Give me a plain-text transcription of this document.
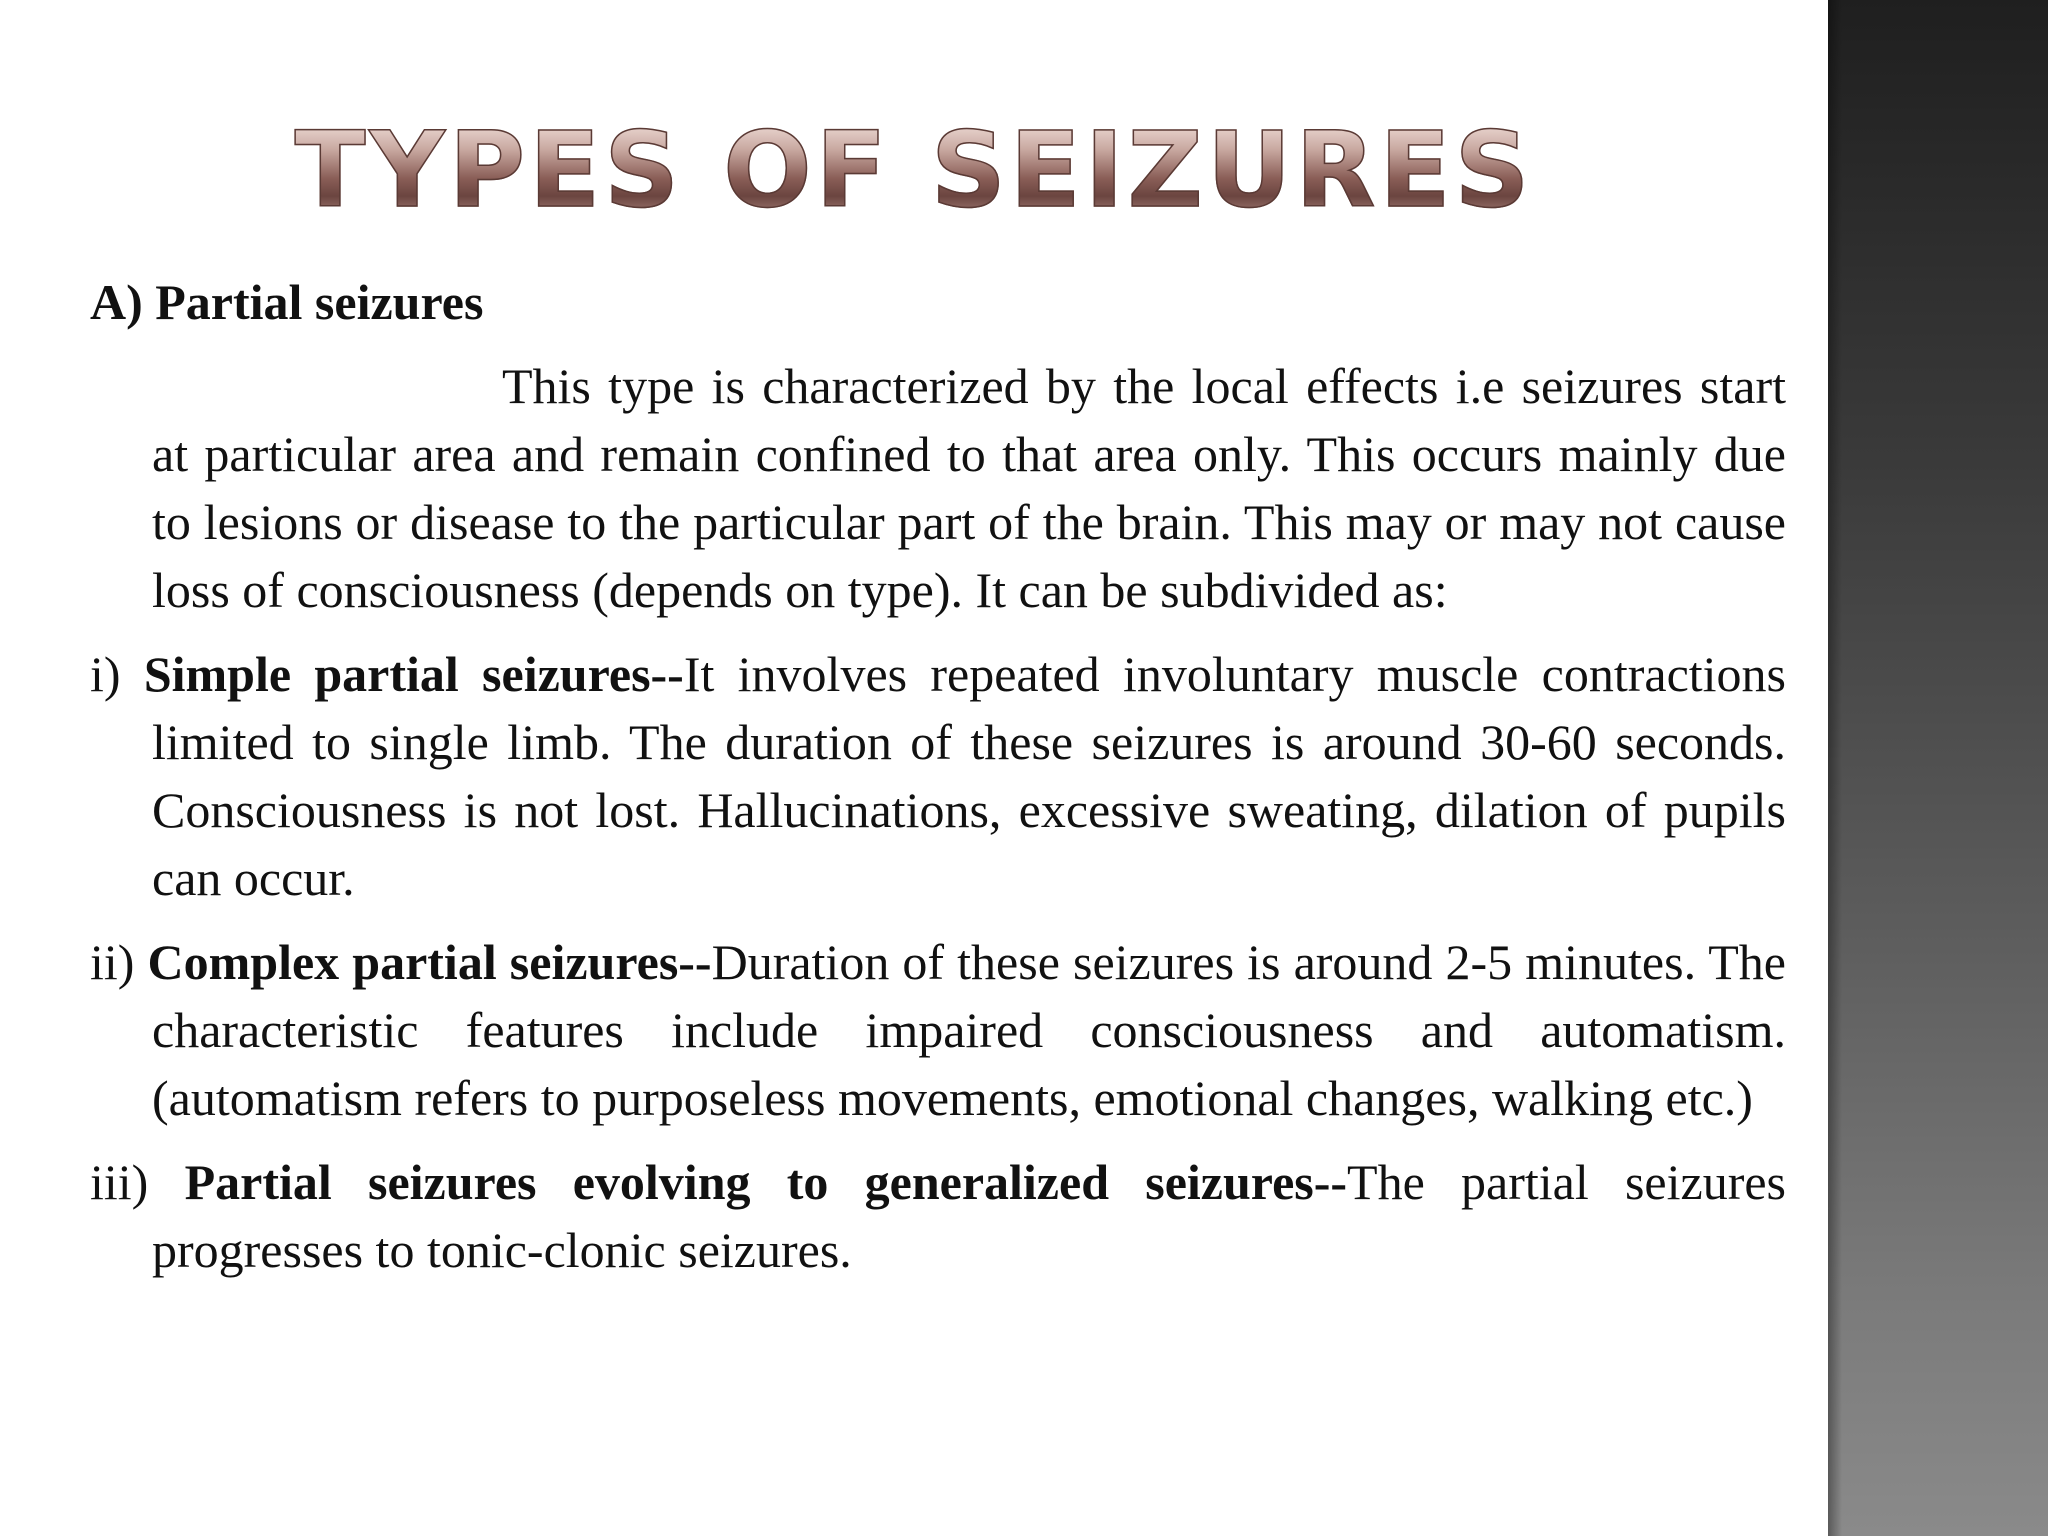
TYPES OF SEIZURES

A) Partial seizures

This type is characterized by the local effects i.e seizures start at particular area and remain confined to that area only. This occurs mainly due to lesions or disease to the particular part of the brain. This may or may not cause loss of consciousness (depends on type). It can be subdivided as:

i) Simple partial seizures--It involves repeated involuntary muscle contractions limited to single limb. The duration of these seizures is around 30-60 seconds. Consciousness is not lost. Hallucinations, excessive sweating, dilation of pupils can occur.

ii) Complex partial seizures--Duration of these seizures is around 2-5 minutes. The characteristic features include impaired consciousness and automatism. (automatism refers to purposeless movements, emotional changes, walking etc.)

iii) Partial seizures evolving to generalized seizures--The partial seizures progresses to tonic-clonic seizures.
